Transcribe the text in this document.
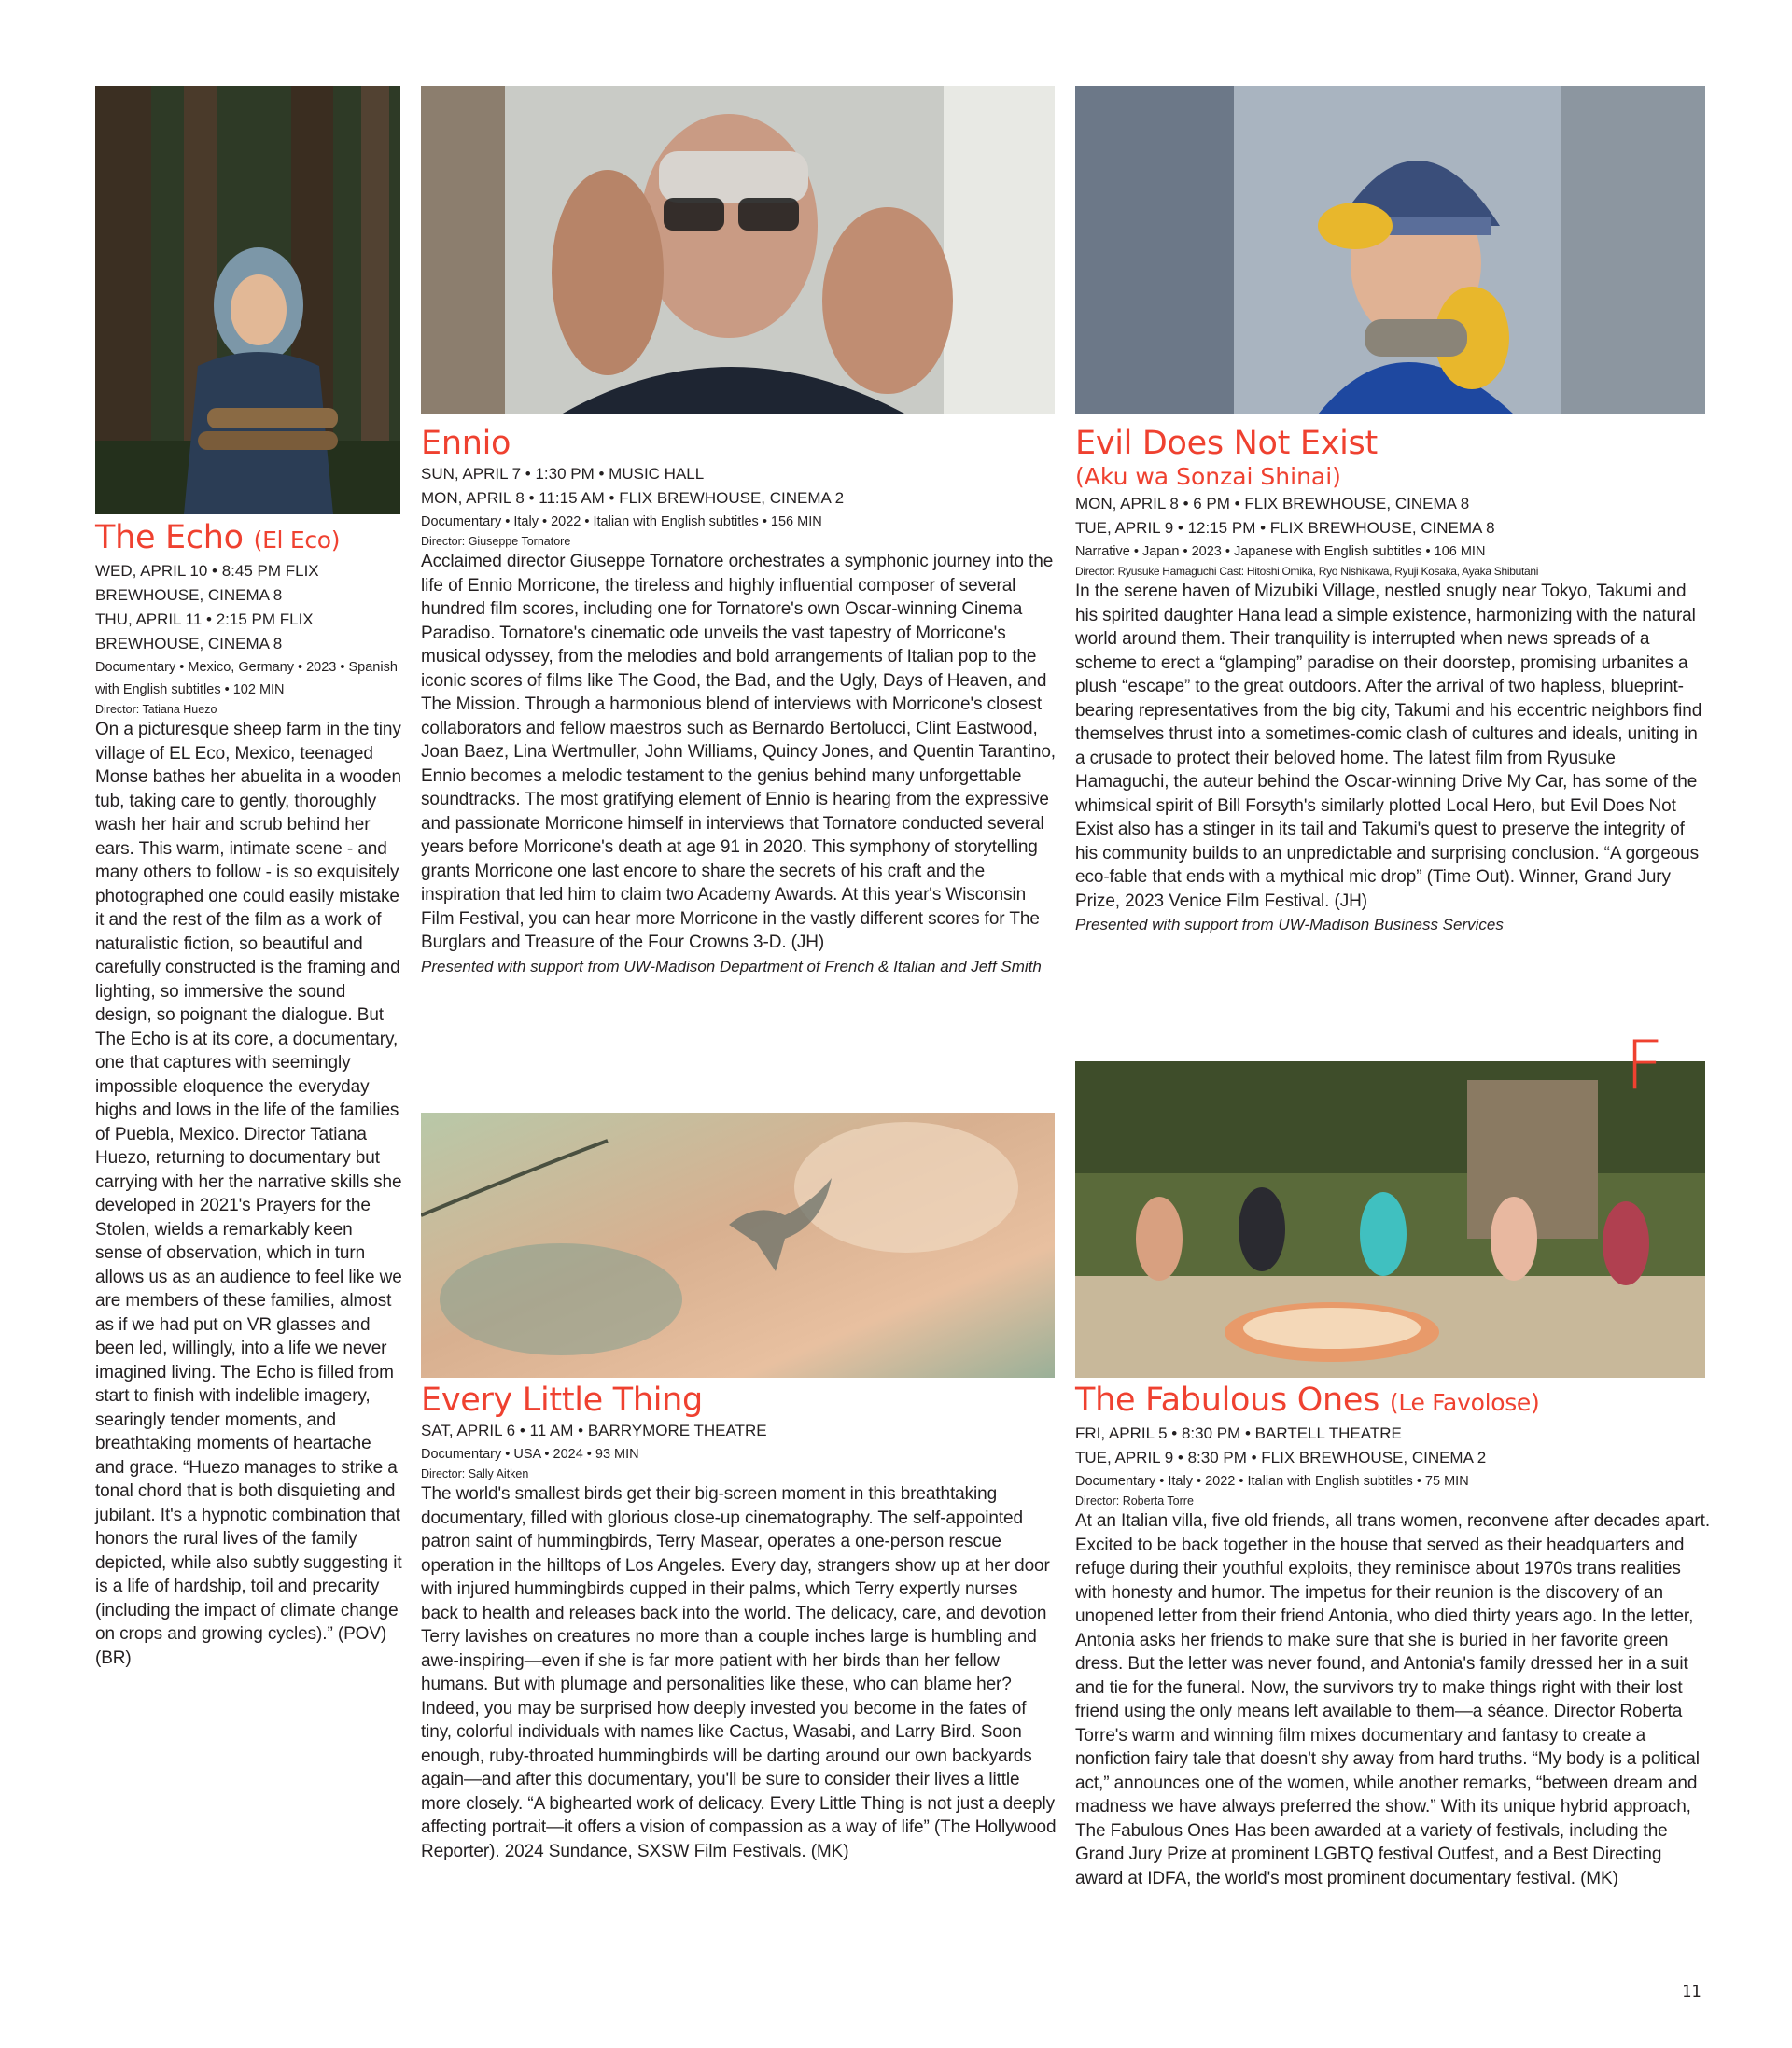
The Echo (El Eco)

WED, APRIL 10 • 8:45 PM FLIX BREWHOUSE, CINEMA 8

THU, APRIL 11 • 2:15 PM FLIX BREWHOUSE, CINEMA 8

Documentary • Mexico, Germany • 2023 • Spanish with English subtitles • 102 MIN

Director: Tatiana Huezo

On a picturesque sheep farm in the tiny village of EL Eco, Mexico, teenaged Monse bathes her abuelita in a wooden tub, taking care to gently, thoroughly wash her hair and scrub behind her ears. This warm, intimate scene - and many others to follow - is so exquisitely photographed one could easily mistake it and the rest of the film as a work of naturalistic fiction, so beautiful and carefully constructed is the framing and lighting, so immersive the sound design, so poignant the dialogue. But The Echo is at its core, a documentary, one that captures with seemingly impossible eloquence the everyday highs and lows in the life of the families of Puebla, Mexico. Director Tatiana Huezo, returning to documentary but carrying with her the narrative skills she developed in 2021's Prayers for the Stolen, wields a remarkably keen sense of observation, which in turn allows us as an audience to feel like we are members of these families, almost as if we had put on VR glasses and been led, willingly, into a life we never imagined living. The Echo is filled from start to finish with indelible imagery, searingly tender moments, and breathtaking moments of heartache and grace. “Huezo manages to strike a tonal chord that is both disquieting and jubilant. It's a hypnotic combination that honors the rural lives of the family depicted, while also subtly suggesting it is a life of hardship, toil and precarity (including the impact of climate change on crops and growing cycles).” (POV) (BR)

Ennio

SUN, APRIL 7 • 1:30 PM • MUSIC HALL

MON, APRIL 8 • 11:15 AM • FLIX BREWHOUSE, CINEMA 2

Documentary • Italy • 2022 • Italian with English subtitles • 156 MIN

Director: Giuseppe Tornatore

Acclaimed director Giuseppe Tornatore orchestrates a symphonic journey into the life of Ennio Morricone, the tireless and highly influential composer of several hundred film scores, including one for Tornatore's own Oscar-winning Cinema Paradiso. Tornatore's cinematic ode unveils the vast tapestry of Morricone's musical odyssey, from the melodies and bold arrangements of Italian pop to the iconic scores of films like The Good, the Bad, and the Ugly, Days of Heaven, and The Mission. Through a harmonious blend of interviews with Morricone's closest collaborators and fellow maestros such as Bernardo Bertolucci, Clint Eastwood, Joan Baez, Lina Wertmuller, John Williams, Quincy Jones, and Quentin Tarantino, Ennio becomes a melodic testament to the genius behind many unforgettable soundtracks. The most gratifying element of Ennio is hearing from the expressive and passionate Morricone himself in interviews that Tornatore conducted several years before Morricone's death at age 91 in 2020. This symphony of storytelling grants Morricone one last encore to share the secrets of his craft and the inspiration that led him to claim two Academy Awards. At this year's Wisconsin Film Festival, you can hear more Morricone in the vastly different scores for The Burglars and Treasure of the Four Crowns 3-D. (JH)

Presented with support from UW-Madison Department of French & Italian and Jeff Smith

Evil Does Not Exist

(Aku wa Sonzai Shinai)

MON, APRIL 8 • 6 PM • FLIX BREWHOUSE, CINEMA 8

TUE, APRIL 9 • 12:15 PM • FLIX BREWHOUSE, CINEMA 8

Narrative • Japan • 2023 • Japanese with English subtitles • 106 MIN

Director: Ryusuke Hamaguchi Cast: Hitoshi Omika, Ryo Nishikawa, Ryuji Kosaka, Ayaka Shibutani

In the serene haven of Mizubiki Village, nestled snugly near Tokyo, Takumi and his spirited daughter Hana lead a simple existence, harmonizing with the natural world around them. Their tranquility is interrupted when news spreads of a scheme to erect a “glamping” paradise on their doorstep, promising urbanites a plush “escape” to the great outdoors. After the arrival of two hapless, blueprint-bearing representatives from the big city, Takumi and his eccentric neighbors find themselves thrust into a sometimes-comic clash of cultures and ideals, uniting in a crusade to protect their beloved home. The latest film from Ryusuke Hamaguchi, the auteur behind the Oscar-winning Drive My Car, has some of the whimsical spirit of Bill Forsyth's similarly plotted Local Hero, but Evil Does Not Exist also has a stinger in its tail and Takumi's quest to preserve the integrity of his community builds to an unpredictable and surprising conclusion. “A gorgeous eco-fable that ends with a mythical mic drop” (Time Out). Winner, Grand Jury Prize, 2023 Venice Film Festival. (JH)

Presented with support from UW-Madison Business Services

F
Every Little Thing

SAT, APRIL 6 • 11 AM • BARRYMORE THEATRE

Documentary • USA • 2024 • 93 MIN

Director: Sally Aitken

The world's smallest birds get their big-screen moment in this breathtaking documentary, filled with glorious close-up cinematography. The self-appointed patron saint of hummingbirds, Terry Masear, operates a one-person rescue operation in the hilltops of Los Angeles. Every day, strangers show up at her door with injured hummingbirds cupped in their palms, which Terry expertly nurses back to health and releases back into the world. The delicacy, care, and devotion Terry lavishes on creatures no more than a couple inches large is humbling and awe-inspiring—even if she is far more patient with her birds than her fellow humans. But with plumage and personalities like these, who can blame her? Indeed, you may be surprised how deeply invested you become in the fates of tiny, colorful individuals with names like Cactus, Wasabi, and Larry Bird. Soon enough, ruby-throated hummingbirds will be darting around our own backyards again—and after this documentary, you'll be sure to consider their lives a little more closely. “A bighearted work of delicacy. Every Little Thing is not just a deeply affecting portrait—it offers a vision of compassion as a way of life” (The Hollywood Reporter). 2024 Sundance, SXSW Film Festivals. (MK)

The Fabulous Ones (Le Favolose)

FRI, APRIL 5 • 8:30 PM • BARTELL THEATRE

TUE, APRIL 9 • 8:30 PM • FLIX BREWHOUSE, CINEMA 2

Documentary • Italy • 2022 • Italian with English subtitles • 75 MIN

Director: Roberta Torre

At an Italian villa, five old friends, all trans women, reconvene after decades apart. Excited to be back together in the house that served as their headquarters and refuge during their youthful exploits, they reminisce about 1970s trans realities with honesty and humor. The impetus for their reunion is the discovery of an unopened letter from their friend Antonia, who died thirty years ago. In the letter, Antonia asks her friends to make sure that she is buried in her favorite green dress. But the letter was never found, and Antonia's family dressed her in a suit and tie for the funeral. Now, the survivors try to make things right with their lost friend using the only means left available to them—a séance. Director Roberta Torre's warm and winning film mixes documentary and fantasy to create a nonfiction fairy tale that doesn't shy away from hard truths. “My body is a political act,” announces one of the women, while another remarks, “between dream and madness we have always preferred the show.” With its unique hybrid approach, The Fabulous Ones Has been awarded at a variety of festivals, including the Grand Jury Prize at prominent LGBTQ festival Outfest, and a Best Directing award at IDFA, the world's most prominent documentary festival. (MK)

11
